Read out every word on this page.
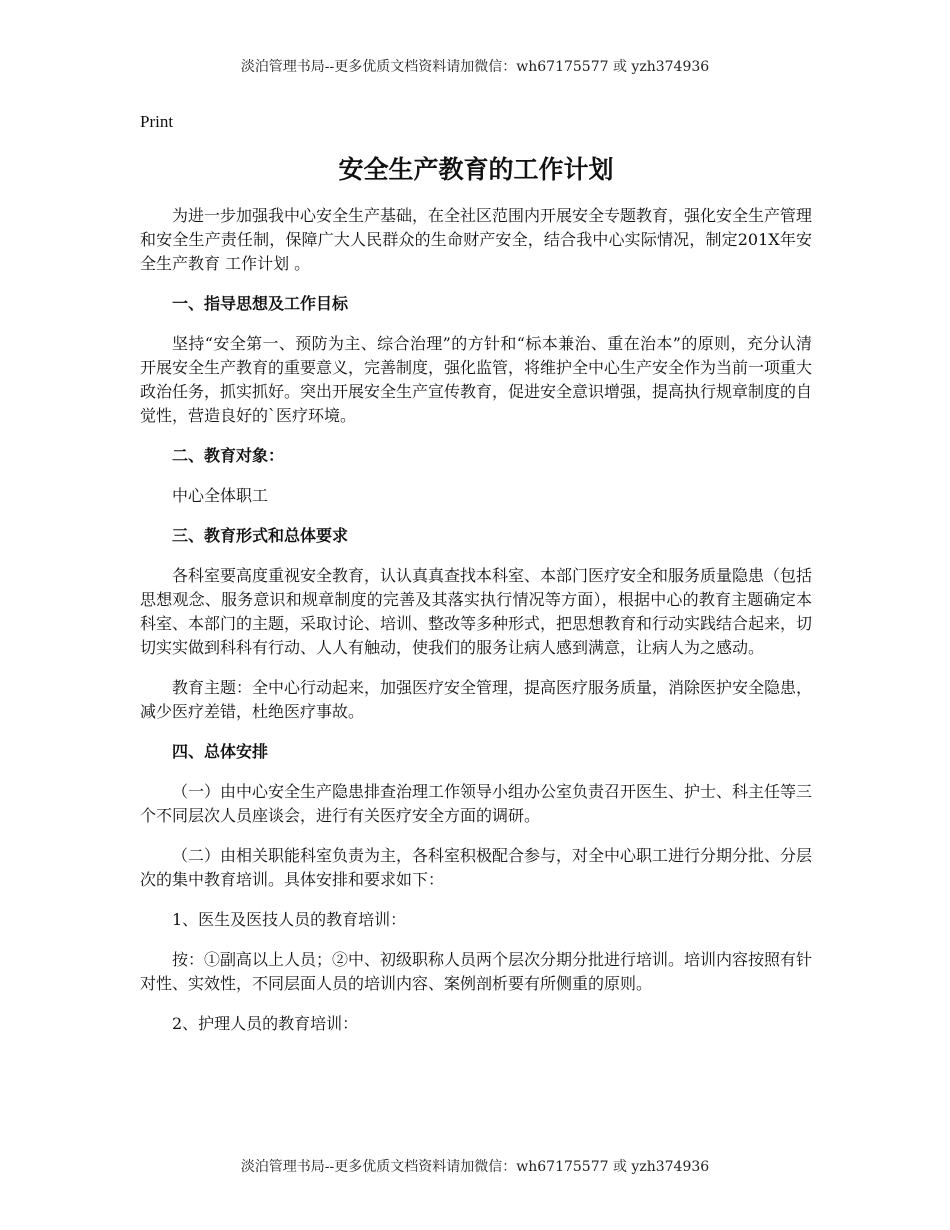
淡泊管理书局--更多优质文档资料请加微信：wh67175577 或 yzh374936
Print
安全生产教育的工作计划

为进一步加强我中心安全生产基础，在全社区范围内开展安全专题教育，强化安全生产管理和安全生产责任制，保障广大人民群众的生命财产安全，结合我中心实际情况，制定201X年安全生产教育 工作计划 。

一、指导思想及工作目标

坚持“安全第一、预防为主、综合治理”的方针和“标本兼治、重在治本”的原则，充分认清开展安全生产教育的重要意义，完善制度，强化监管，将维护全中心生产安全作为当前一项重大政治任务，抓实抓好。突出开展安全生产宣传教育，促进安全意识增强，提高执行规章制度的自觉性，营造良好的`医疗环境。

二、教育对象：

中心全体职工

三、教育形式和总体要求

各科室要高度重视安全教育，认认真真查找本科室、本部门医疗安全和服务质量隐患（包括思想观念、服务意识和规章制度的完善及其落实执行情况等方面），根据中心的教育主题确定本科室、本部门的主题，采取讨论、培训、整改等多种形式，把思想教育和行动实践结合起来，切切实实做到科科有行动、人人有触动，使我们的服务让病人感到满意，让病人为之感动。

教育主题：全中心行动起来，加强医疗安全管理，提高医疗服务质量，消除医护安全隐患，减少医疗差错，杜绝医疗事故。

四、总体安排

（一）由中心安全生产隐患排查治理工作领导小组办公室负责召开医生、护士、科主任等三个不同层次人员座谈会，进行有关医疗安全方面的调研。

（二）由相关职能科室负责为主，各科室积极配合参与，对全中心职工进行分期分批、分层次的集中教育培训。具体安排和要求如下：

1、医生及医技人员的教育培训：

按：①副高以上人员；②中、初级职称人员两个层次分期分批进行培训。培训内容按照有针对性、实效性，不同层面人员的培训内容、案例剖析要有所侧重的原则。

2、护理人员的教育培训：

淡泊管理书局--更多优质文档资料请加微信：wh67175577 或 yzh374936
